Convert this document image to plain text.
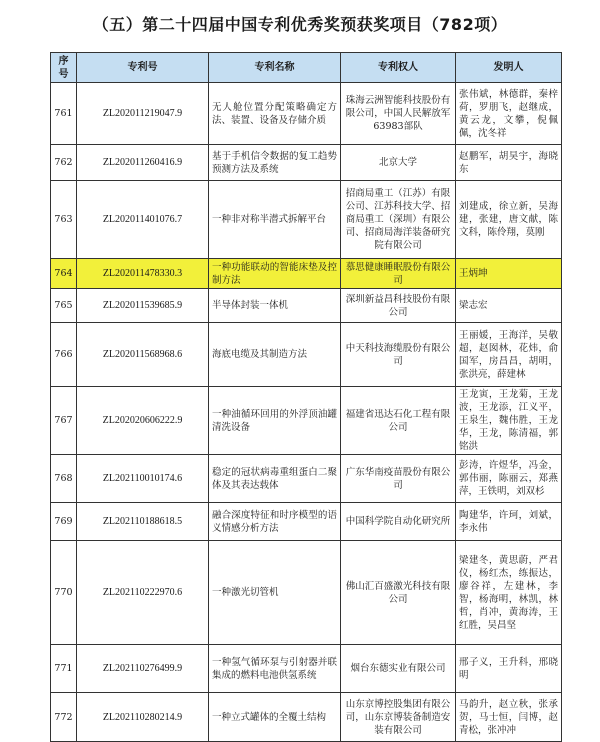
（五）第二十四届中国专利优秀奖预获奖项目（782项）
序号	专利号	专利名称	专利权人	发明人
761	ZL202011219047.9	无人舱位置分配策略确定方法、装置、设备及存储介质	珠海云洲智能科技股份有限公司，中国人民解放军63983部队	张伟斌，林德群，秦梓荷，罗朋飞，赵继成，黄云龙，文攀，倪佩佩，沈冬祥
762	ZL202011260416.9	基于手机信令数据的复工趋势预测方法及系统	北京大学	赵鹏军，胡昊宇，海晓东
763	ZL202011401076.7	一种非对称半潜式拆解平台	招商局重工（江苏）有限公司、江苏科技大学、招商局重工（深圳）有限公司、招商局海洋装备研究院有限公司	刘建成，徐立新，吴海建，张建，唐文献，陈文科，陈伶翔，莫刚
764	ZL202011478330.3	一种功能联动的智能床垫及控制方法	慕思健康睡眠股份有限公司	王炳坤
765	ZL202011539685.9	半导体封装一体机	深圳新益昌科技股份有限公司	梁志宏
766	ZL202011568968.6	海底电缆及其制造方法	中天科技海缆股份有限公司	王丽媛，王海洋，吴敬超，赵囡林，花炜，俞国军，房昌昌，胡明，张洪亮，薛建林
767	ZL202020606222.9	一种油循环回用的外浮顶油罐清洗设备	福建省迅达石化工程有限公司	王龙寅，王龙菊，王龙波，王龙添，江义平，王泉生，魏伟胜，王龙华，王龙，陈清福，郭铭洪
768	ZL202110010174.6	稳定的冠状病毒重组蛋白二聚体及其表达载体	广东华南疫苗股份有限公司	彭涛，许煜华，冯金，郭伟丽，陈丽云，郑燕萍，王铁明，刘双杉
769	ZL202110188618.5	融合深度特征和时序模型的语义情感分析方法	中国科学院自动化研究所	陶建华，许珂，刘斌，李永伟
770	ZL202110222970.6	一种激光切管机	佛山汇百盛激光科技有限公司	梁建冬，黄思蔚，严君仪，杨红杰，练振达，廖谷祥，左建林，李智，杨海明，林凯，林哲，肖冲，黄海涛，王红胜，吴昌坚
771	ZL202110276499.9	一种氢气循环泵与引射器并联集成的燃料电池供氢系统	烟台东德实业有限公司	邢子义，王升科，邢晓明
772	ZL202110280214.9	一种立式罐体的全覆土结构	山东京博控股集团有限公司，山东京博装备制造安装有限公司	马韵升，赵立秋，张承贺，马士恒，闫博，赵青松，张冲冲
